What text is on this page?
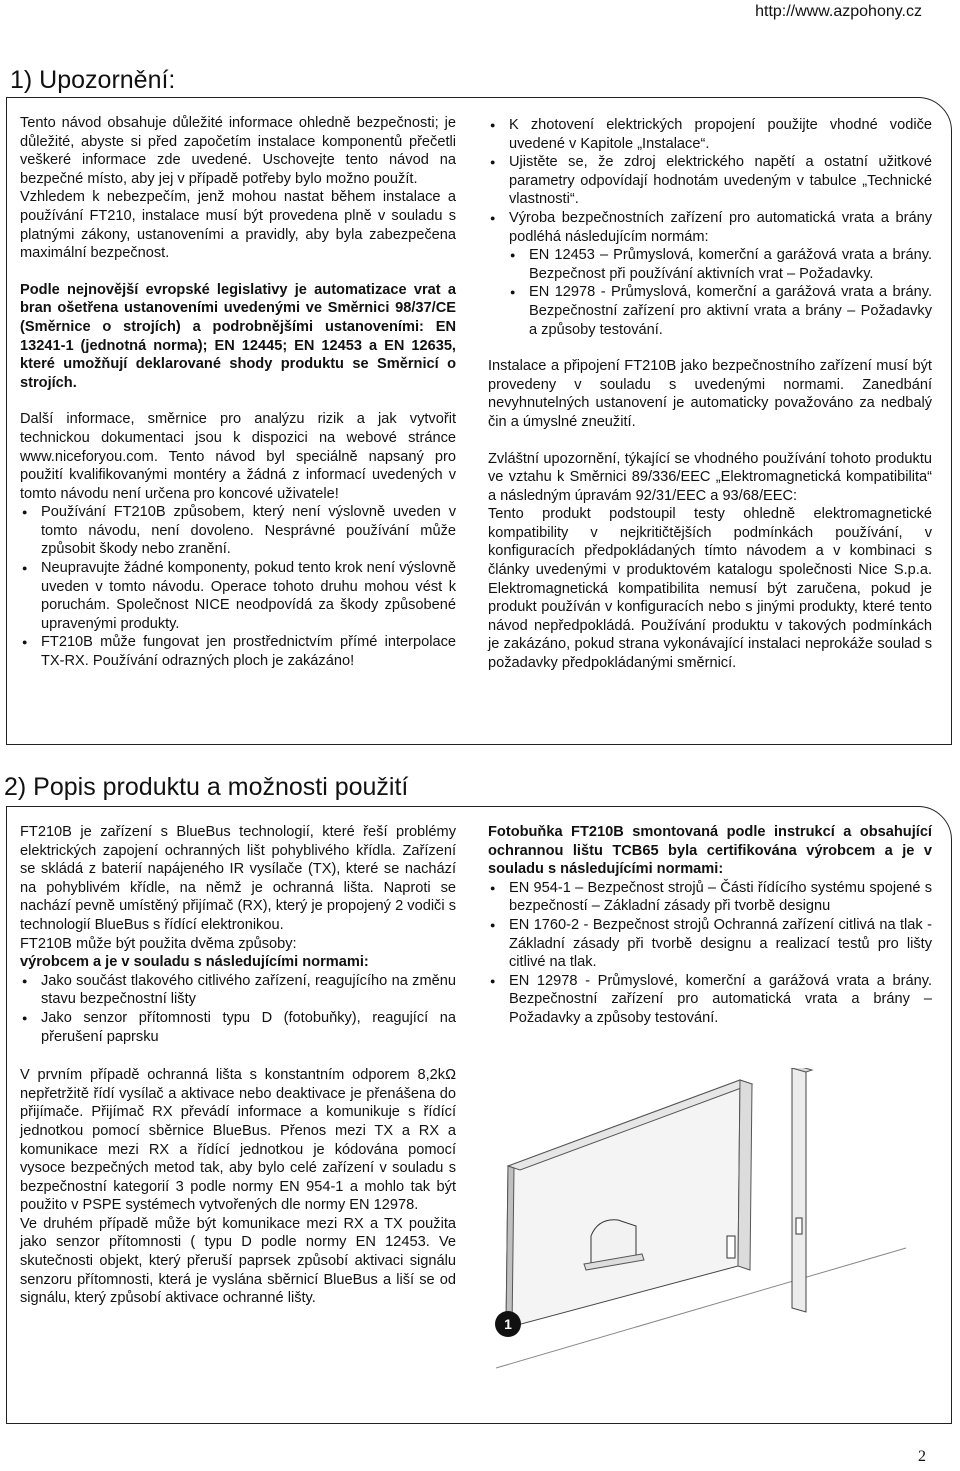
http://www.azpohony.cz
1) Upozornění:

Tento návod obsahuje důležité informace ohledně bezpečnosti; je důležité, abyste si před započetím instalace komponentů přečetli veškeré informace zde uvedené. Uschovejte tento návod na bezpečné místo, aby jej v případě potřeby bylo možno použít.

Vzhledem k nebezpečím, jenž mohou nastat během instalace a používání FT210, instalace musí být provedena plně v souladu s platnými zákony, ustanoveními a pravidly, aby byla zabezpečena maximální bezpečnost.

Podle nejnovější evropské legislativy je automatizace vrat a bran ošetřena ustanoveními uvedenými ve Směrnici 98/37/CE (Směrnice o strojích) a podrobnějšími ustanoveními: EN 13241-1 (jednotná norma); EN 12445; EN 12453 a EN 12635, které umožňují deklarované shody produktu se Směrnicí o strojích.

Další informace, směrnice pro analýzu rizik a jak vytvořit technickou dokumentaci jsou k dispozici na webové stránce www.niceforyou.com. Tento návod byl speciálně napsaný pro použití kvalifikovanými montéry a žádná z informací uvedených v tomto návodu není určena pro koncové uživatele!

● Používání FT210B způsobem, který není výslovně uveden v tomto návodu, není dovoleno. Nesprávné používání může způsobit škody nebo zranění.
● Neupravujte žádné komponenty, pokud tento krok není výslovně uveden v tomto návodu. Operace tohoto druhu mohou vést k poruchám. Společnost NICE neodpovídá za škody způsobené upravenými produkty.
● FT210B může fungovat jen prostřednictvím přímé interpolace TX-RX. Používání odrazných ploch je zakázáno!
● K zhotovení elektrických propojení použijte vhodné vodiče uvedené v Kapitole „Instalace“.
● Ujistěte se, že zdroj elektrického napětí a ostatní užitkové parametry odpovídají hodnotám uvedeným v tabulce „Technické vlastnosti“.
● Výroba bezpečnostních zařízení pro automatická vrata a brány podléhá následujícím normám:
● EN 12453 – Průmyslová, komerční a garážová vrata a brány. Bezpečnost při používání aktivních vrat – Požadavky.
● EN 12978 - Průmyslová, komerční a garážová vrata a brány. Bezpečnostní zařízení pro aktivní vrata a brány – Požadavky a způsoby testování.

Instalace a připojení FT210B jako bezpečnostního zařízení musí být provedeny v souladu s uvedenými normami. Zanedbání nevyhnutelných ustanovení je automaticky považováno za nedbalý čin a úmyslné zneužití.

Zvláštní upozornění, týkající se vhodného používání tohoto produktu ve vztahu k Směrnici 89/336/EEC „Elektromagnetická kompatibilita“ a následným úpravám 92/31/EEC a 93/68/EEC:

Tento produkt podstoupil testy ohledně elektromagnetické kompatibility v nejkritičtějších podmínkách používání, v konfiguracích předpokládaných tímto návodem a v kombinaci s články uvedenými v produktovém katalogu společnosti Nice S.p.a. Elektromagnetická kompatibilita nemusí být zaručena, pokud je produkt používán v konfiguracích nebo s jinými produkty, které tento návod nepředpokládá. Používání produktu v takových podmínkách je zakázáno, pokud strana vykonávající instalaci neprokáže soulad s požadavky předpokládanými směrnicí.

2) Popis produktu a možnosti použití

FT210B je zařízení s BlueBus technologií, které řeší problémy elektrických zapojení ochranných lišt pohyblivého křídla. Zařízení se skládá z baterií napájeného IR vysílače (TX), které se nachází na pohyblivém křídle, na němž je ochranná lišta. Naproti se nachází pevně umístěný přijímač (RX), který je propojený 2 vodiči s technologií BlueBus s řídící elektronikou.

FT210B může být použita dvěma způsoby:

výrobcem a je v souladu s následujícími normami:

● Jako součást tlakového citlivého zařízení, reagujícího na změnu stavu bezpečnostní lišty
● Jako senzor přítomnosti typu D (fotobuňky), reagující na přerušení paprsku

V prvním případě ochranná lišta s konstantním odporem 8,2kΩ nepřetržitě řídí vysílač a aktivace nebo deaktivace je přenášena do přijímače. Přijímač RX převádí informace a komunikuje s řídící jednotkou pomocí sběrnice BlueBus. Přenos mezi TX a RX a komunikace mezi RX a řídící jednotkou je kódována pomocí vysoce bezpečných metod tak, aby bylo celé zařízení v souladu s bezpečnostní kategorií 3 podle normy EN 954-1 a mohlo tak být použito v PSPE systémech vytvořených dle normy EN 12978.

Ve druhém případě může být komunikace mezi RX a TX použita jako senzor přítomnosti ( typu D podle normy EN 12453. Ve skutečnosti objekt, který přeruší paprsek způsobí aktivaci signálu senzoru přítomnosti, která je vyslána sběrnicí BlueBus a liší se od signálu, který způsobí aktivace ochranné lišty.

Fotobuňka FT210B smontovaná podle instrukcí a obsahující ochrannou lištu TCB65 byla certifikována výrobcem a je v souladu s následujícími normami:

● EN 954-1 – Bezpečnost strojů – Části řídícího systému spojené s bezpečností – Základní zásady při tvorbě designu
● EN 1760-2 - Bezpečnost strojů Ochranná zařízení citlivá na tlak - Základní zásady při tvorbě designu a realizací testů pro lišty citlivé na tlak.
● EN 12978 - Průmyslové, komerční a garážová vrata a brány. Bezpečnostní zařízení pro automatická vrata a brány – Požadavky a způsoby testování.
1
2
